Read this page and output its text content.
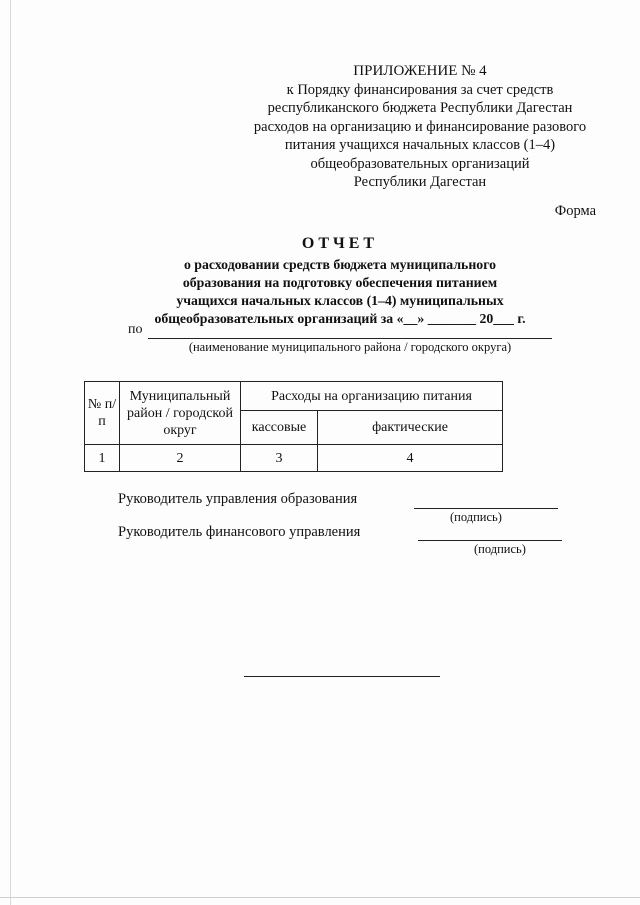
ПРИЛОЖЕНИЕ № 4
к Порядку финансирования за счет средств
республиканского бюджета Республики Дагестан
расходов на организацию и финансирование разового
питания учащихся начальных классов (1–4)
общеобразовательных организаций
Республики Дагестан
Форма
ОТЧЕТ
о расходовании средств бюджета муниципального
образования на подготовку обеспечения питанием
учащихся начальных классов (1–4) муниципальных
общеобразовательных организаций за «__» _______ 20___ г.
по
(наименование муниципального района / городского округа)
№ п/п	Муниципальный район / городской округ	Расходы на организацию питания	
		кассовые	фактические
1	2	3	4
Руководитель управления образования
(подпись)
Руководитель финансового управления
(подпись)
